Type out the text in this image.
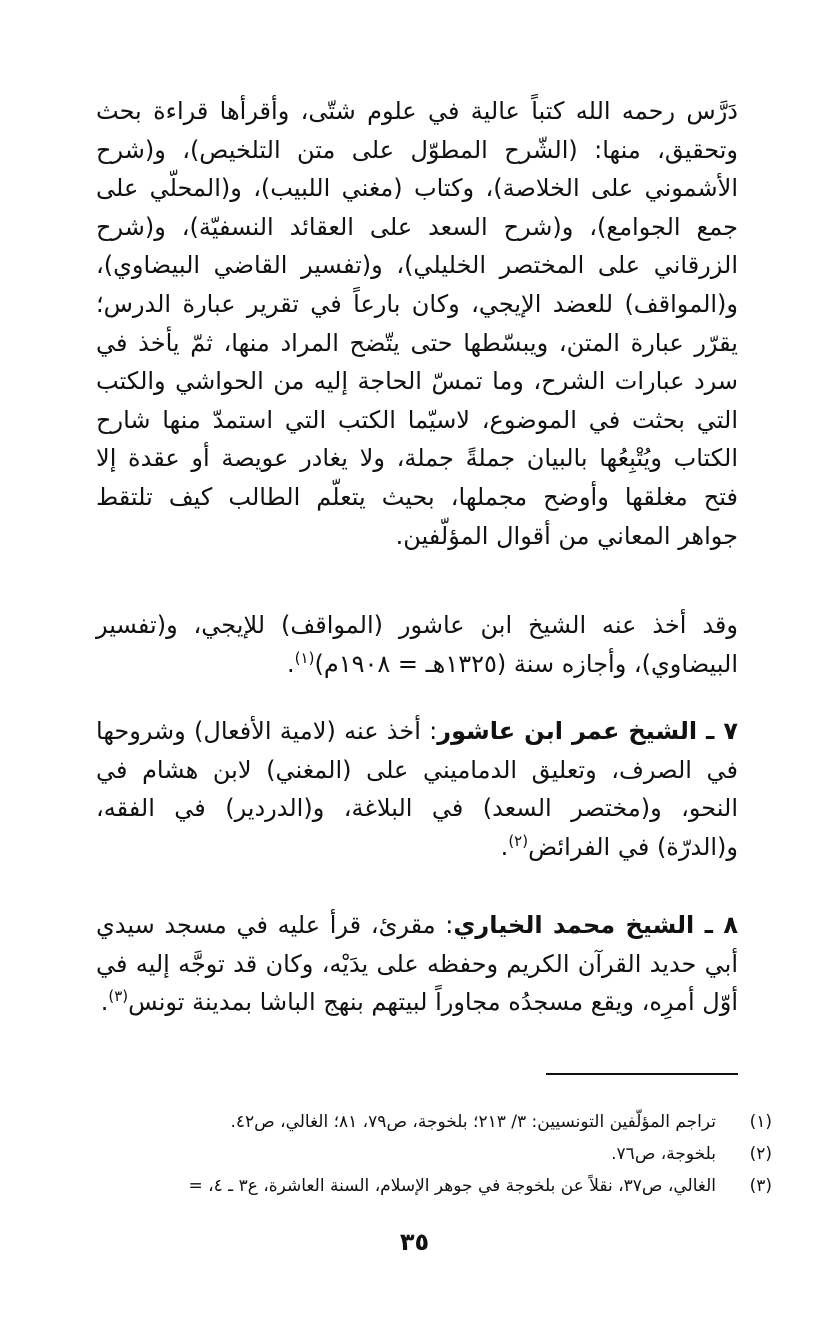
دَرَّس رحمه الله كتباً عالية في علوم شتّى، وأقرأها قراءة بحث وتحقيق، منها: (الشّرح المطوّل على متن التلخيص)، و(شرح الأشموني على الخلاصة)، وكتاب (مغني اللبيب)، و(المحلّي على جمع الجوامع)، و(شرح السعد على العقائد النسفيّة)، و(شرح الزرقاني على المختصر الخليلي)، و(تفسير القاضي البيضاوي)، و(المواقف) للعضد الإيجي، وكان بارعاً في تقرير عبارة الدرس؛ يقرّر عبارة المتن، ويبسّطها حتى يتّضح المراد منها، ثمّ يأخذ في سرد عبارات الشرح، وما تمسّ الحاجة إليه من الحواشي والكتب التي بحثت في الموضوع، لاسيّما الكتب التي استمدّ منها شارح الكتاب ويُتْبِعُها بالبيان جملةً جملة، ولا يغادر عويصة أو عقدة إلا فتح مغلقها وأوضح مجملها، بحيث يتعلّم الطالب كيف تلتقط جواهر المعاني من أقوال المؤلّفين.

وقد أخذ عنه الشيخ ابن عاشور (المواقف) للإيجي، و(تفسير البيضاوي)، وأجازه سنة (١٣٢٥هـ = ١٩٠٨م)$^{(١)}$.

٧ ـ الشيخ عمر ابن عاشور: أخذ عنه (لامية الأفعال) وشروحها في الصرف، وتعليق الدماميني على (المغني) لابن هشام في النحو، و(مختصر السعد) في البلاغة، و(الدردير) في الفقه، و(الدرّة) في الفرائض$^{(٢)}$.

٨ ـ الشيخ محمد الخياري: مقرئ، قرأ عليه في مسجد سيدي أبي حديد القرآن الكريم وحفظه على يدَيْه، وكان قد توجَّه إليه في أوّل أمرِه، ويقع مسجدُه مجاوراً لبيتهم بنهج الباشا بمدينة تونس$^{(٣)}$.

(١)
تراجم المؤلّفين التونسيين: ٣/ ٢١٣؛ بلخوجة، ص٧٩، ٨١؛ الغالي، ص٤٢.
(٢)
بلخوجة، ص٧٦.
(٣)
الغالي، ص٣٧، نقلاً عن بلخوجة في جوهر الإسلام، السنة العاشرة، ع٣ ـ ٤، =
٣٥
